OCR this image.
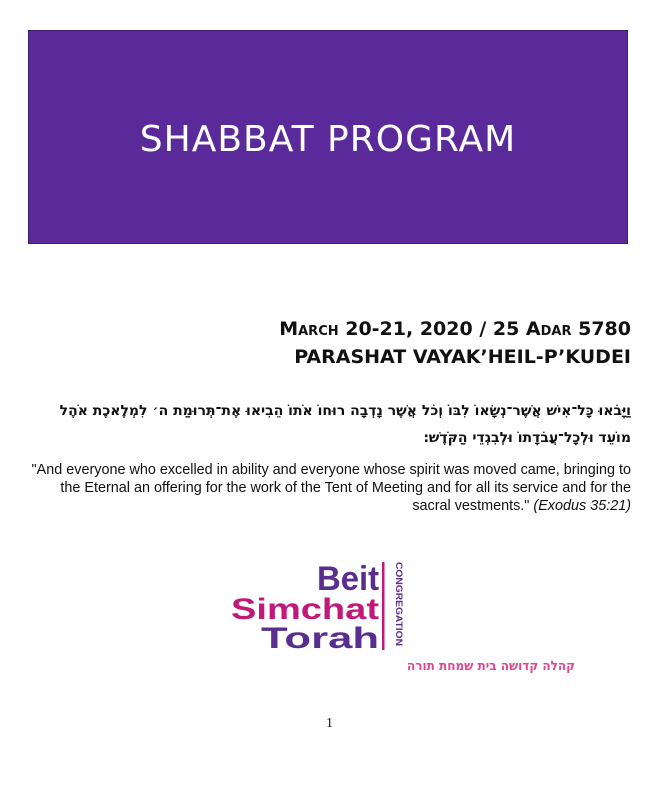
SHABBAT PROGRAM
March 20-21, 2020 / 25 Adar 5780
PARASHAT VAYAK’HEIL-P’KUDEI
וַיָּבֹאוּ כָּל־אִישׁ אֲשֶׁר־נְשָׂאוֹ לִבּוֹ וְכֹל אֲשֶׁר נָדְבָה רוּחוֹ אֹתוֹ הֵבִיאוּ אֶת־תְּרוּמַת ה׳ לִמְלֶאכֶת אֹהֶל מוֹעֵד וּלְכָל־עֲבֹדָתוֹ וּלְבִגְדֵי הַקֹּדֶשׁ׃
"And everyone who excelled in ability and everyone whose spirit was moved came, bringing to the Eternal an offering for the work of the Tent of Meeting and for all its service and for the sacral vestments." (Exodus 35:21)
Beit
Simchat
Torah CONGREGATION
קהלה קדושה בית שמחת תורה
1
